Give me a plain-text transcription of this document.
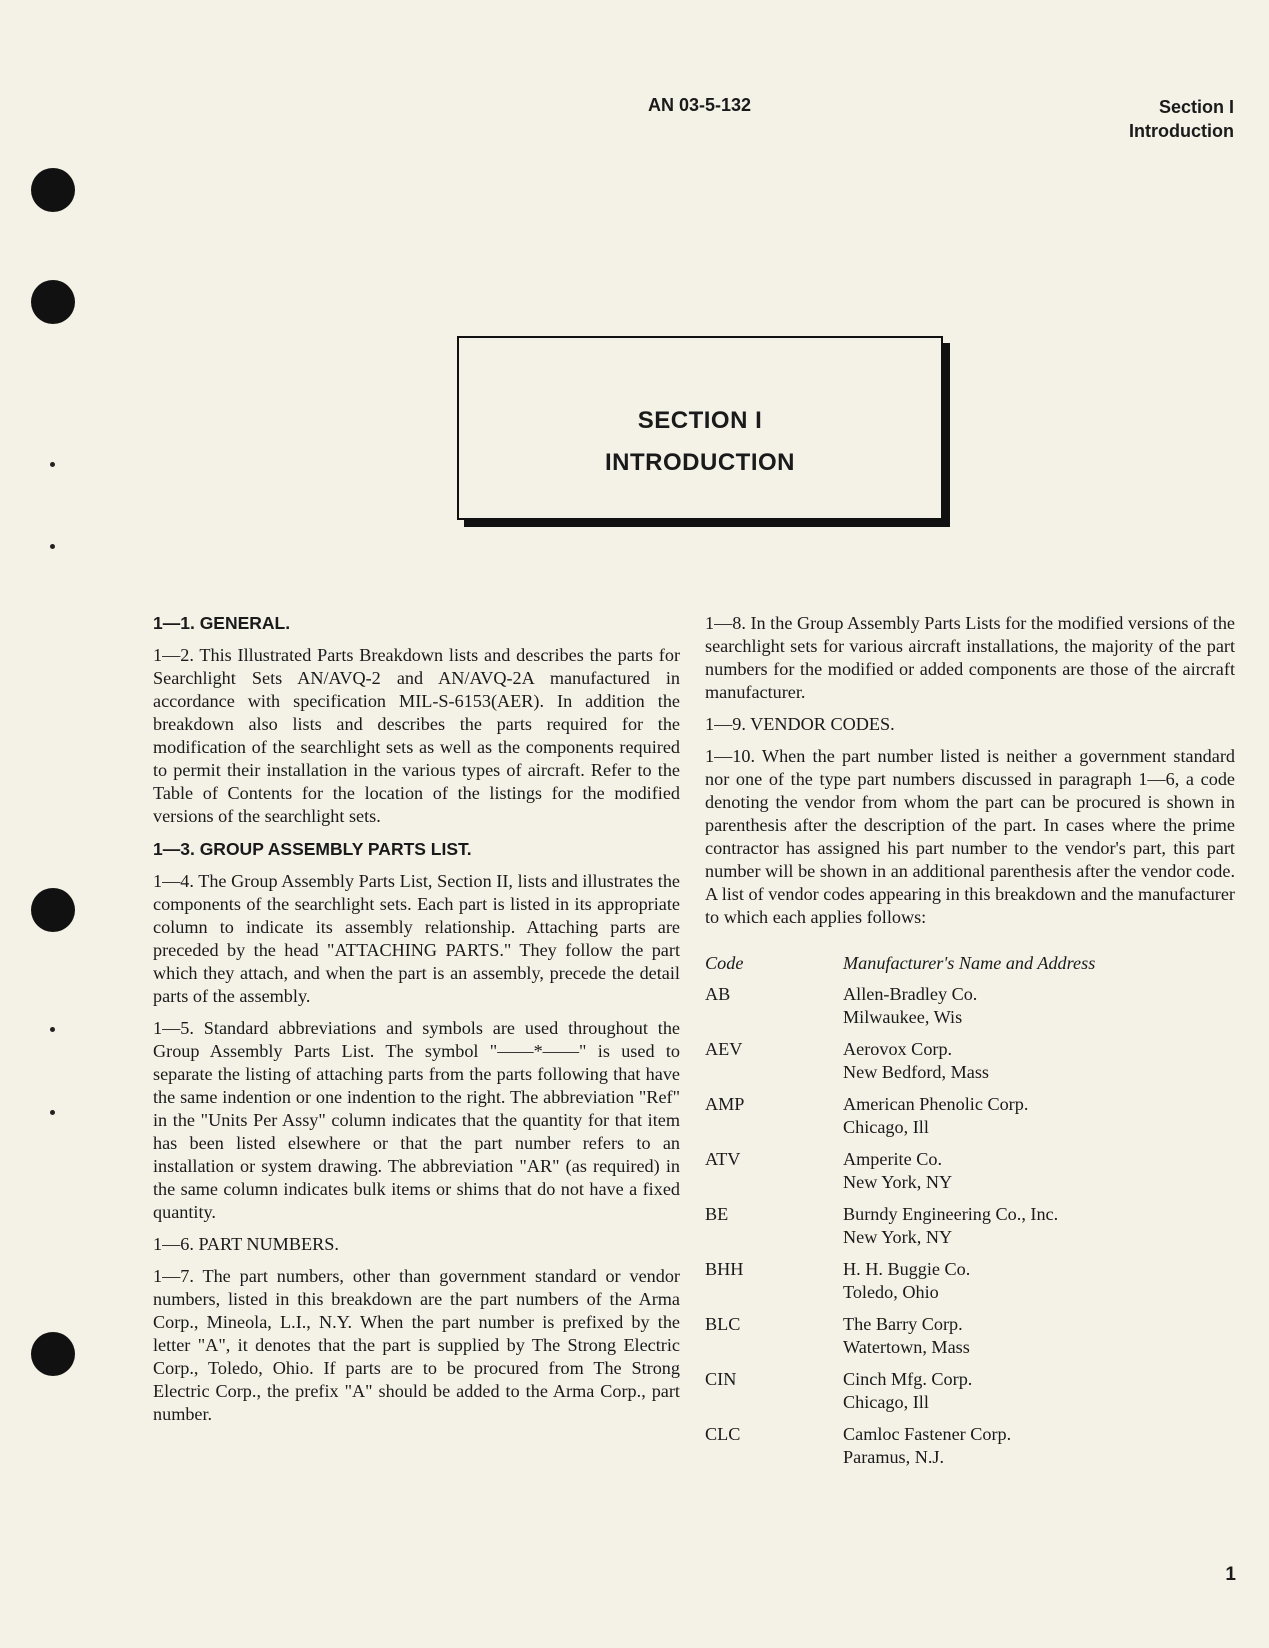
AN 03-5-132	Section I
Introduction
SECTION I
INTRODUCTION

1—1. GENERAL.

1—2. This Illustrated Parts Breakdown lists and describes the parts for Searchlight Sets AN/AVQ-2 and AN/AVQ-2A manufactured in accordance with specification MIL-S-6153(AER). In addition the breakdown also lists and describes the parts required for the modification of the searchlight sets as well as the components required to permit their installation in the various types of aircraft. Refer to the Table of Contents for the location of the listings for the modified versions of the searchlight sets.

1—3. GROUP ASSEMBLY PARTS LIST.

1—4. The Group Assembly Parts List, Section II, lists and illustrates the components of the searchlight sets. Each part is listed in its appropriate column to indicate its assembly relationship. Attaching parts are preceded by the head "ATTACHING PARTS." They follow the part which they attach, and when the part is an assembly, precede the detail parts of the assembly.

1—5. Standard abbreviations and symbols are used throughout the Group Assembly Parts List. The symbol "——*——" is used to separate the listing of attaching parts from the parts following that have the same indention or one indention to the right. The abbreviation "Ref" in the "Units Per Assy" column indicates that the quantity for that item has been listed elsewhere or that the part number refers to an installation or system drawing. The abbreviation "AR" (as required) in the same column indicates bulk items or shims that do not have a fixed quantity.

1—6. PART NUMBERS.

1—7. The part numbers, other than government standard or vendor numbers, listed in this breakdown are the part numbers of the Arma Corp., Mineola, L.I., N.Y. When the part number is prefixed by the letter "A", it denotes that the part is supplied by The Strong Electric Corp., Toledo, Ohio. If parts are to be procured from The Strong Electric Corp., the prefix "A" should be added to the Arma Corp., part number.

1—8. In the Group Assembly Parts Lists for the modified versions of the searchlight sets for various aircraft installations, the majority of the part numbers for the modified or added components are those of the aircraft manufacturer.

1—9. VENDOR CODES.

1—10. When the part number listed is neither a government standard nor one of the type part numbers discussed in paragraph 1—6, a code denoting the vendor from whom the part can be procured is shown in parenthesis after the description of the part. In cases where the prime contractor has assigned his part number to the vendor's part, this part number will be shown in an additional parenthesis after the vendor code. A list of vendor codes appearing in this breakdown and the manufacturer to which each applies follows:

Code	Manufacturer's Name and Address
AB	Allen-Bradley Co.
Milwaukee, Wis
AEV	Aerovox Corp.
New Bedford, Mass
AMP	American Phenolic Corp.
Chicago, Ill
ATV	Amperite Co.
New York, NY
BE	Burndy Engineering Co., Inc.
New York, NY
BHH	H. H. Buggie Co.
Toledo, Ohio
BLC	The Barry Corp.
Watertown, Mass
CIN	Cinch Mfg. Corp.
Chicago, Ill
CLC	Camloc Fastener Corp.
Paramus, N.J.
1
